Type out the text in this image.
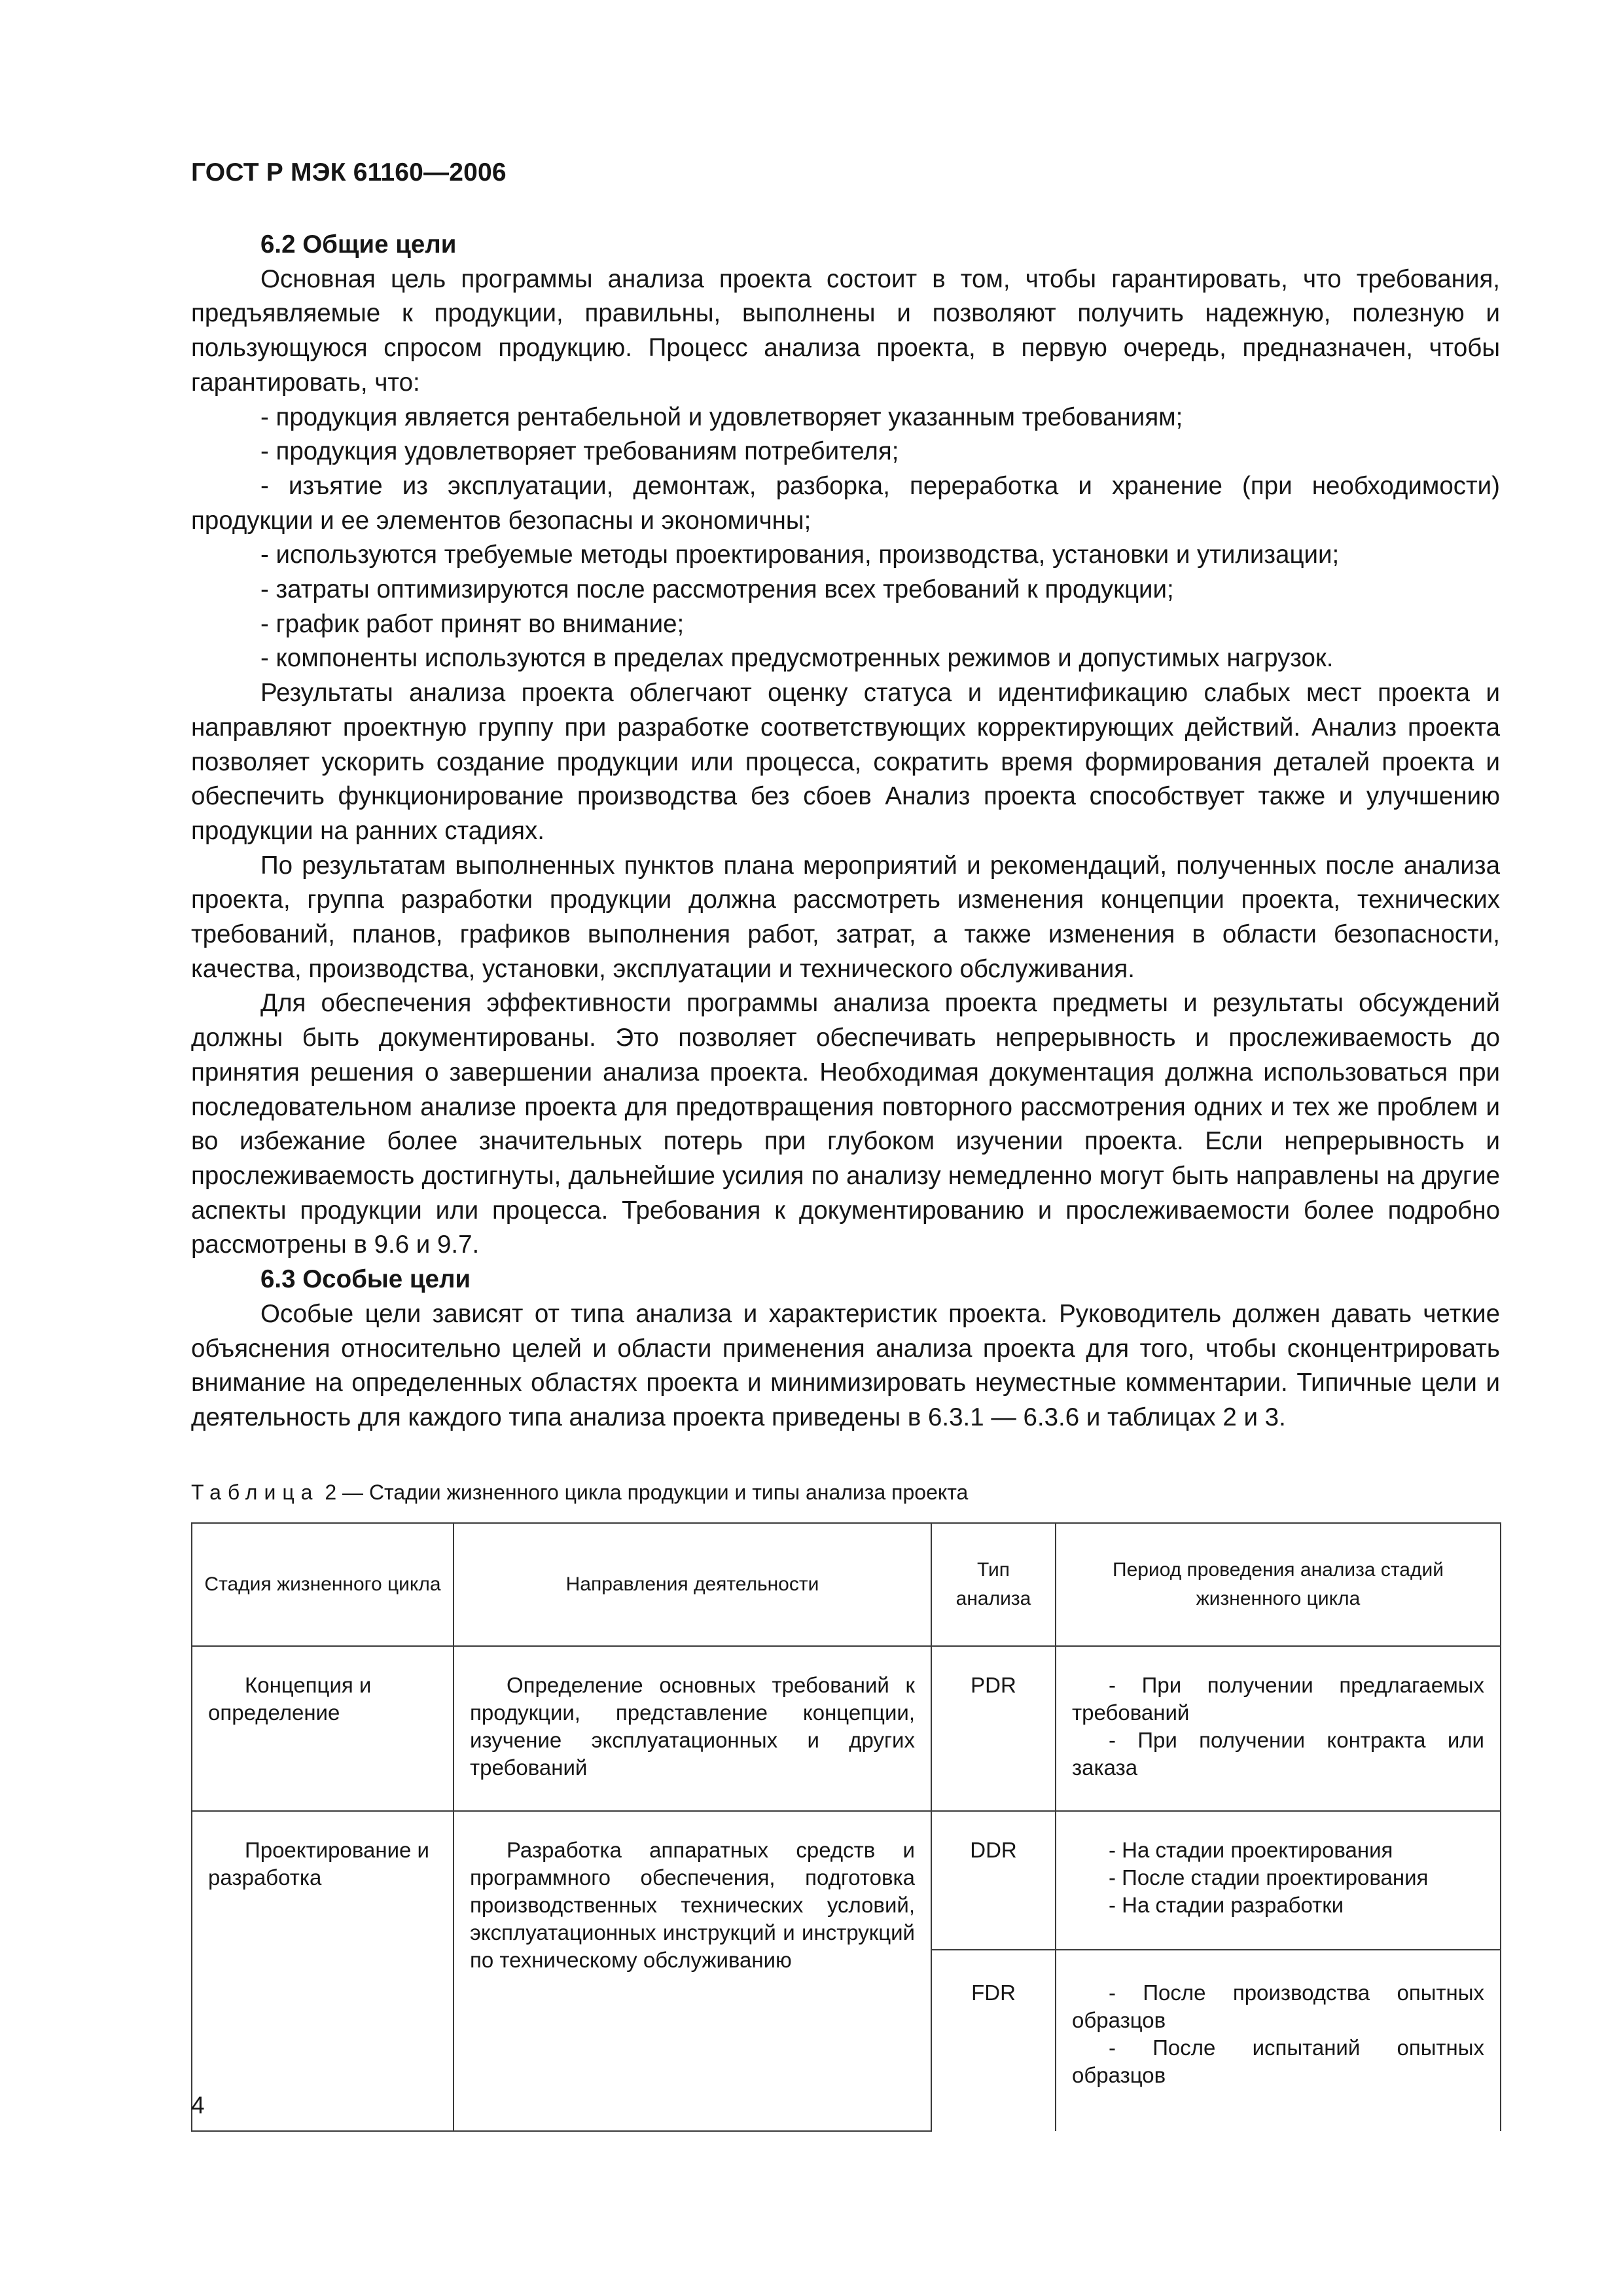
ГОСТ Р МЭК 61160—2006

6.2 Общие цели

Основная цель программы анализа проекта состоит в том, чтобы гарантировать, что требования, предъявляемые к продукции, правильны, выполнены и позволяют получить надежную, полезную и пользующуюся спросом продукцию. Процесс анализа проекта, в первую очередь, предназначен, чтобы гарантировать, что:

- продукция является рентабельной и удовлетворяет указанным требованиям;

- продукция удовлетворяет требованиям потребителя;

- изъятие из эксплуатации, демонтаж, разборка, переработка и хранение (при необходимости) продукции и ее элементов безопасны и экономичны;

- используются требуемые методы проектирования, производства, установки и утилизации;

- затраты оптимизируются после рассмотрения всех требований к продукции;

- график работ принят во внимание;

- компоненты используются в пределах предусмотренных режимов и допустимых нагрузок.

Результаты анализа проекта облегчают оценку статуса и идентификацию слабых мест проекта и направляют проектную группу при разработке соответствующих корректирующих действий. Анализ проекта позволяет ускорить создание продукции или процесса, сократить время формирования деталей проекта и обеспечить функционирование производства без сбоев Анализ проекта способствует также и улучшению продукции на ранних стадиях.

По результатам выполненных пунктов плана мероприятий и рекомендаций, полученных после анализа проекта, группа разработки продукции должна рассмотреть изменения концепции проекта, технических требований, планов, графиков выполнения работ, затрат, а также изменения в области безопасности, качества, производства, установки, эксплуатации и технического обслуживания.

Для обеспечения эффективности программы анализа проекта предметы и результаты обсуждений должны быть документированы. Это позволяет обеспечивать непрерывность и прослеживаемость до принятия решения о завершении анализа проекта. Необходимая документация должна использоваться при последовательном анализе проекта для предотвращения повторного рассмотрения одних и тех же проблем и во избежание более значительных потерь при глубоком изучении проекта. Если непрерывность и прослеживаемость достигнуты, дальнейшие усилия по анализу немедленно могут быть направлены на другие аспекты продукции или процесса. Требования к документированию и прослеживаемости более подробно рассмотрены в 9.6 и 9.7.

6.3 Особые цели

Особые цели зависят от типа анализа и характеристик проекта. Руководитель должен давать четкие объяснения относительно целей и области применения анализа проекта для того, чтобы сконцентрировать внимание на определенных областях проекта и минимизировать неуместные комментарии. Типичные цели и деятельность для каждого типа анализа проекта приведены в 6.3.1 — 6.3.6 и таблицах 2 и 3.

Таблица 2 — Стадии жизненного цикла продукции и типы анализа проекта
Стадия жизненного цикла	Направления деятельности	Тип анализа	Период проведения анализа стадий жизненного цикла

Концепция и определение	Определение основных требований к продукции, представление концепции, изучение эксплуатационных и других требований	PDR	- При получении предлагаемых требований
- При получении контракта или заказа

Проектирование и разработка	Разработка аппаратных средств и программного обеспечения, подготовка производственных технических условий, эксплуатационных инструкций и инструкций по техническому обслуживанию	DDR	- На стадии проектирования
- После стадии проектирования
- На стадии разработки

		FDR	- После производства опытных образцов
- После испытаний опытных образцов
4
